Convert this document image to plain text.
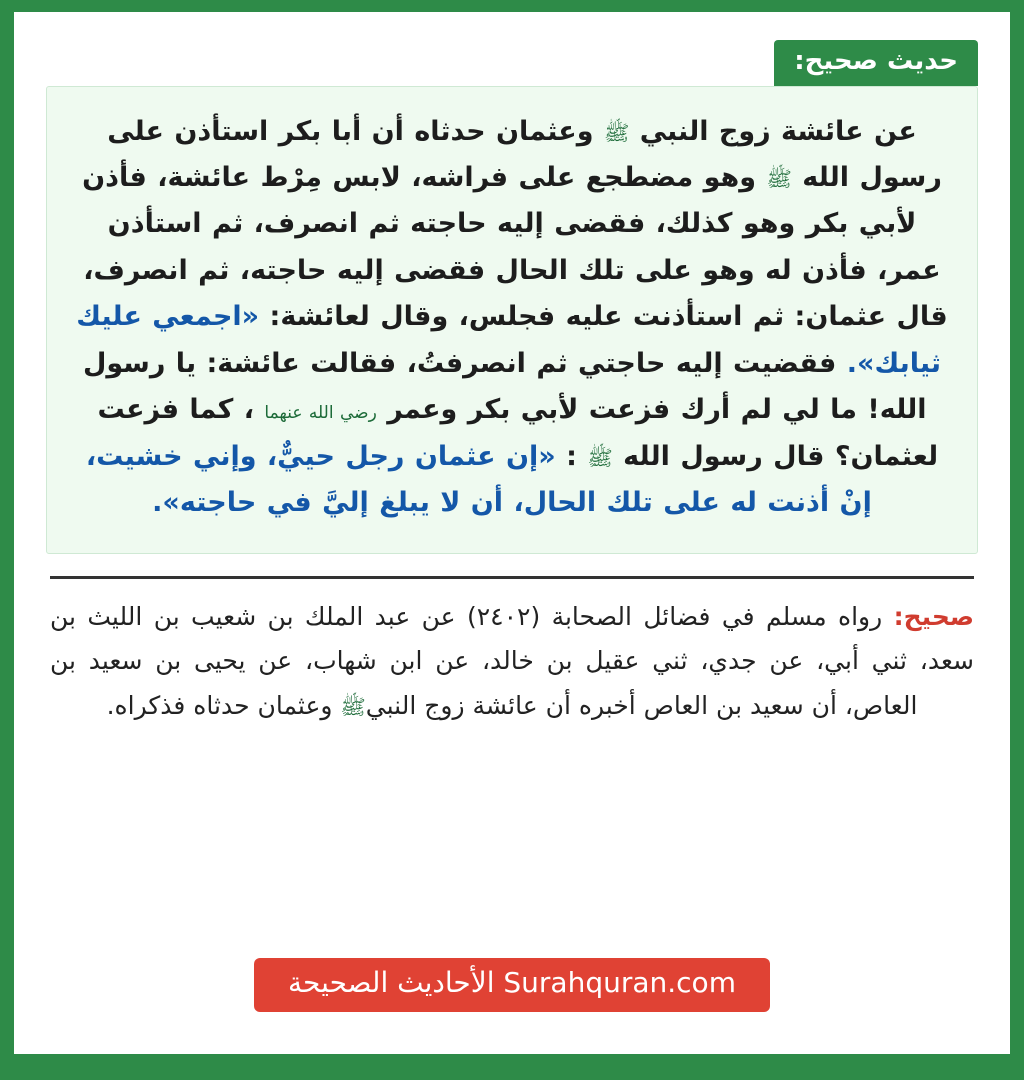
حديث صحيح:

عن عائشة زوج النبي ﷺ وعثمان حدثاه أن أبا بكر استأذن على رسول الله ﷺ وهو مضطجع على فراشه، لابس مِرْط عائشة، فأذن لأبي بكر وهو كذلك، فقضى إليه حاجته ثم انصرف، ثم استأذن عمر، فأذن له وهو على تلك الحال فقضى إليه حاجته، ثم انصرف، قال عثمان: ثم استأذنت عليه فجلس، وقال لعائشة: «اجمعي عليك ثيابك». فقضيت إليه حاجتي ثم انصرفتُ، فقالت عائشة: يا رسول الله! ما لي لم أرك فزعت لأبي بكر وعمر رضي الله عنهما ، كما فزعت لعثمان؟ قال رسول الله ﷺ : «إن عثمان رجل حييٌّ، وإني خشيت، إنْ أذنت له على تلك الحال، أن لا يبلغ إليَّ في حاجته».

صحيح: رواه مسلم في فضائل الصحابة (٢٤٠٢) عن عبد الملك بن شعيب بن الليث بن سعد، ثني أبي، عن جدي، ثني عقيل بن خالد، عن ابن شهاب، عن يحيى بن سعيد بن العاص، أن سعيد بن العاص أخبره أن عائشة زوج النبيﷺ وعثمان حدثاه فذكراه.
Surahquran.com الأحاديث الصحيحة
